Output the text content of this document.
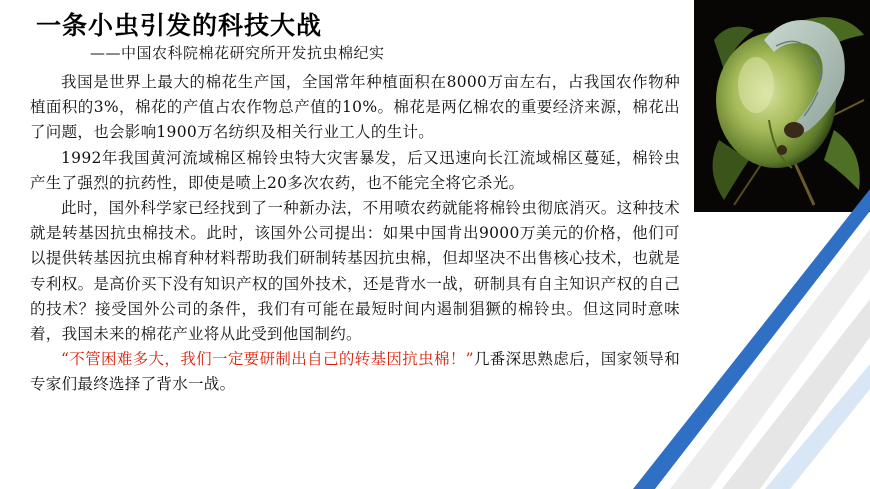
一条小虫引发的科技大战
——中国农科院棉花研究所开发抗虫棉纪实

我国是世界上最大的棉花生产国，全国常年种植面积在8000万亩左右，占我国农作物种植面积的3%，棉花的产值占农作物总产值的10%。棉花是两亿棉农的重要经济来源，棉花出了问题，也会影响1900万名纺织及相关行业工人的生计。

1992年我国黄河流域棉区棉铃虫特大灾害暴发，后又迅速向长江流域棉区蔓延，棉铃虫产生了强烈的抗药性，即使是喷上20多次农药，也不能完全将它杀光。

此时，国外科学家已经找到了一种新办法，不用喷农药就能将棉铃虫彻底消灭。这种技术就是转基因抗虫棉技术。此时，该国外公司提出：如果中国肯出9000万美元的价格，他们可以提供转基因抗虫棉育种材料帮助我们研制转基因抗虫棉，但却坚决不出售核心技术，也就是专利权。是高价买下没有知识产权的国外技术，还是背水一战，研制具有自主知识产权的自己的技术？接受国外公司的条件，我们有可能在最短时间内遏制猖獗的棉铃虫。但这同时意味着，我国未来的棉花产业将从此受到他国制约。

“不管困难多大，我们一定要研制出自己的转基因抗虫棉！”几番深思熟虑后，国家领导和专家们最终选择了背水一战。
